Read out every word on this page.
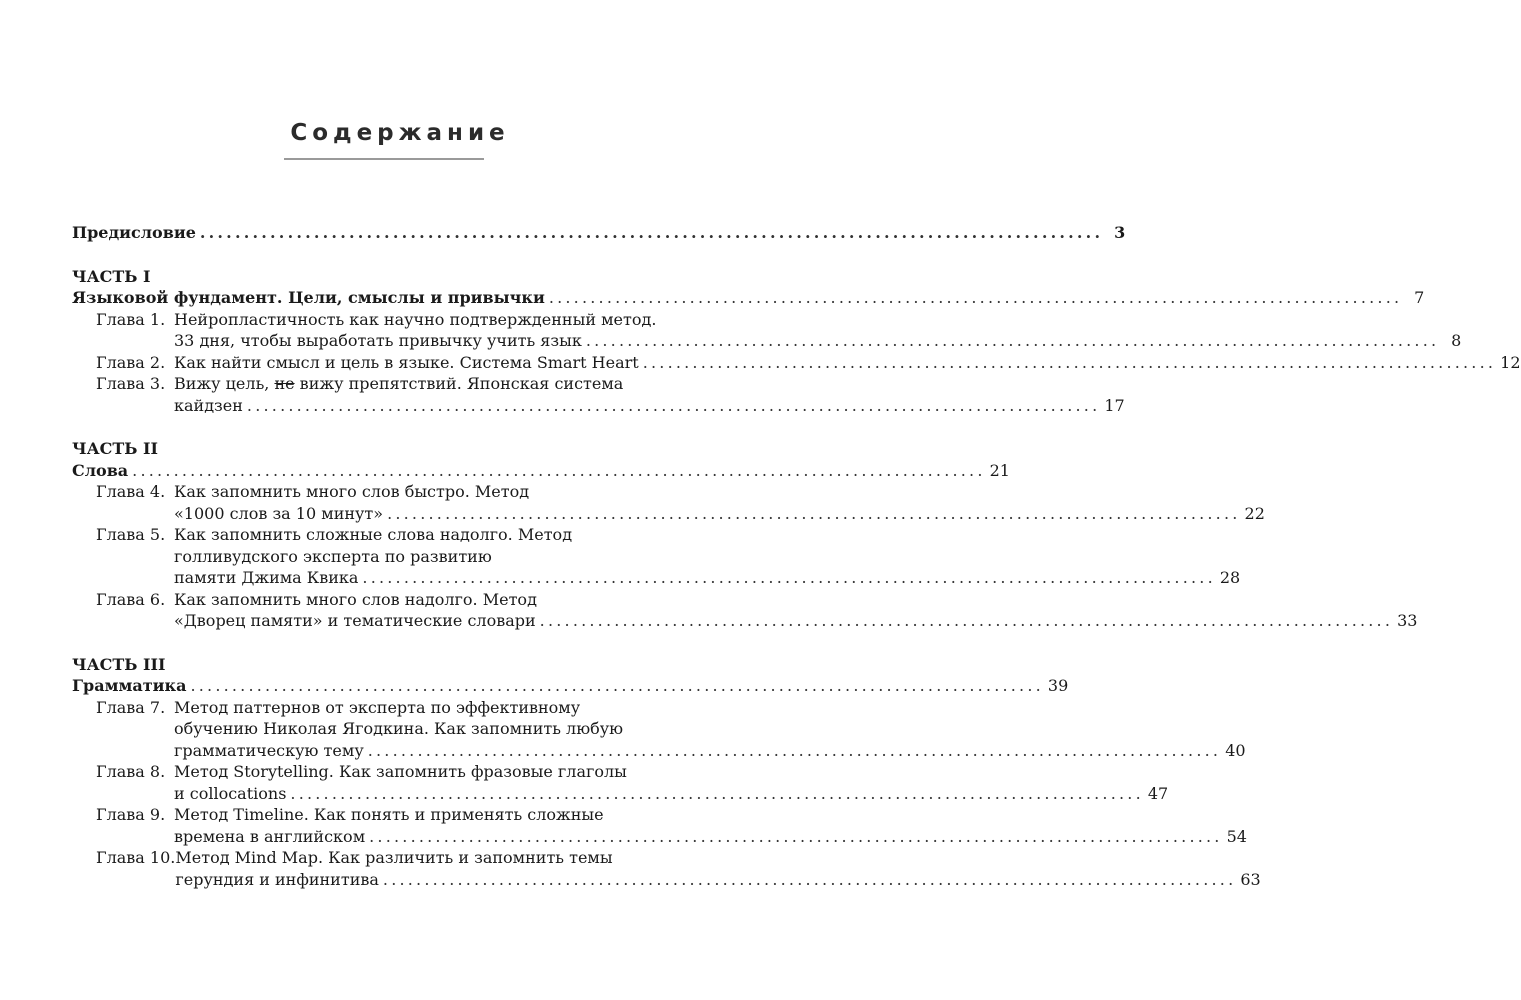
Содержание
Предисловие ....................................................................................................... 3
ЧАСТЬ I
Языковой фундамент. Цели, смыслы и привычки ....................................................................................................... 7
Глава 1. Нейропластичность как научно подтвержденный метод.
33 дня, чтобы выработать привычку учить язык ....................................................................................................... 8
Глава 2. Как найти смысл и цель в языке. Система Smart Heart ....................................................................................................... 12
Глава 3. Вижу цель, не вижу препятствий. Японская система
кайдзен ....................................................................................................... 17
ЧАСТЬ II
Слова ....................................................................................................... 21
Глава 4. Как запомнить много слов быстро. Метод
«1000 слов за 10 минут» ....................................................................................................... 22
Глава 5. Как запомнить сложные слова надолго. Метод
голливудского эксперта по развитию
памяти Джима Квика ....................................................................................................... 28
Глава 6. Как запомнить много слов надолго. Метод
«Дворец памяти» и тематические словари ....................................................................................................... 33
ЧАСТЬ III
Грамматика ....................................................................................................... 39
Глава 7. Метод паттернов от эксперта по эффективному
обучению Николая Ягодкина. Как запомнить любую
грамматическую тему ....................................................................................................... 40
Глава 8. Метод Storytelling. Как запомнить фразовые глаголы
и collocations ....................................................................................................... 47
Глава 9. Метод Timeline. Как понять и применять сложные
времена в английском ....................................................................................................... 54
Глава 10. Метод Mind Map. Как различить и запомнить темы
герундия и инфинитива ....................................................................................................... 63
